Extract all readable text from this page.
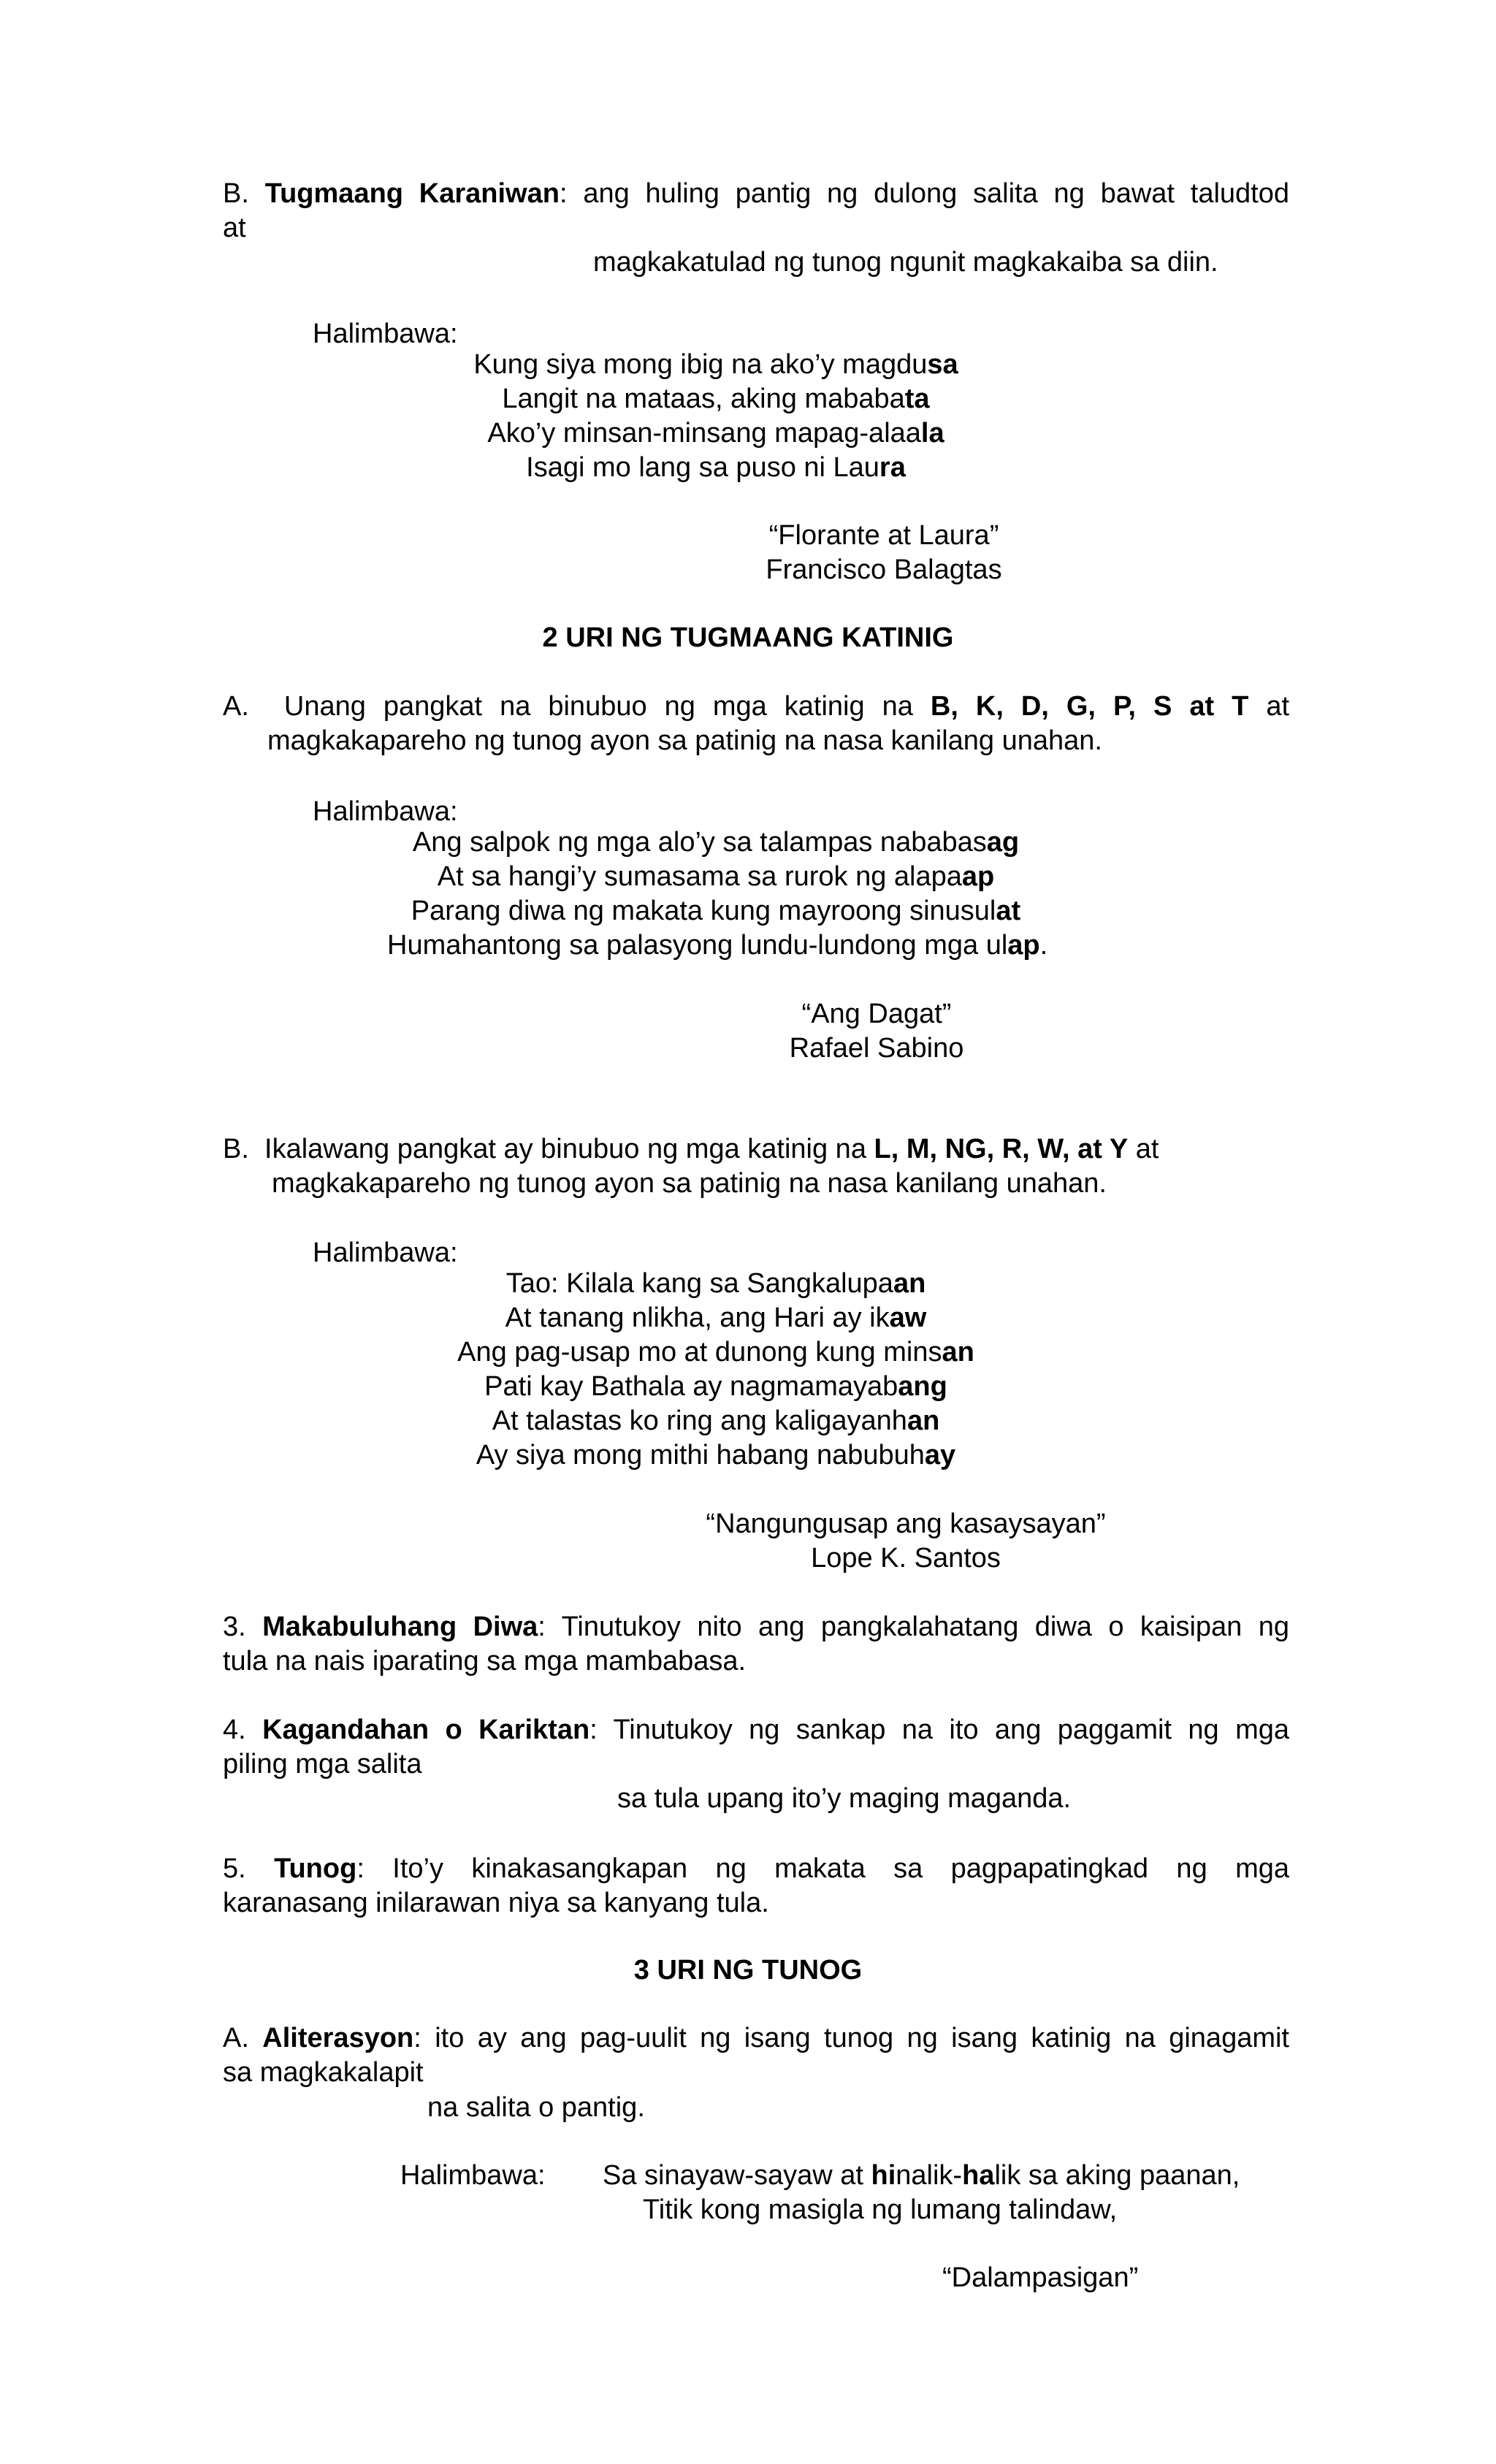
B. Tugmaang Karaniwan: ang huling pantig ng dulong salita ng bawat taludtod
at
magkakatulad ng tunog ngunit magkakaiba sa diin.
Halimbawa:
Kung siya mong ibig na ako’y magdusa
Langit na mataas, aking mababata
Ako’y minsan-minsang mapag-alaala
Isagi mo lang sa puso ni Laura
“Florante at Laura”
Francisco Balagtas
2 URI NG TUGMAANG KATINIG
A. Unang pangkat na binubuo ng mga katinig na B, K, D, G, P, S at T at
magkakapareho ng tunog ayon sa patinig na nasa kanilang unahan.
Halimbawa:
Ang salpok ng mga alo’y sa talampas nababasag
At sa hangi’y sumasama sa rurok ng alapaap
Parang diwa ng makata kung mayroong sinusulat
Humahantong sa palasyong lundu-lundong mga ulap.
“Ang Dagat”
Rafael Sabino
B. Ikalawang pangkat ay binubuo ng mga katinig na L, M, NG, R, W, at Y at
magkakapareho ng tunog ayon sa patinig na nasa kanilang unahan.
Halimbawa:
Tao: Kilala kang sa Sangkalupaan
At tanang nlikha, ang Hari ay ikaw
Ang pag-usap mo at dunong kung minsan
Pati kay Bathala ay nagmamayabang
At talastas ko ring ang kaligayanhan
Ay siya mong mithi habang nabubuhay
“Nangungusap ang kasaysayan”
Lope K. Santos
3. Makabuluhang Diwa: Tinutukoy nito ang pangkalahatang diwa o kaisipan ng
tula na nais iparating sa mga mambabasa.
4. Kagandahan o Kariktan: Tinutukoy ng sankap na ito ang paggamit ng mga
piling mga salita
sa tula upang ito’y maging maganda.
5. Tunog: Ito’y kinakasangkapan ng makata sa pagpapatingkad ng mga
karanasang inilarawan niya sa kanyang tula.
3 URI NG TUNOG
A. Aliterasyon: ito ay ang pag-uulit ng isang tunog ng isang katinig na ginagamit
sa magkakalapit
na salita o pantig.
Halimbawa: Sa sinayaw-sayaw at hinalik-halik sa aking paanan,
Titik kong masigla ng lumang talindaw,
“Dalampasigan”
